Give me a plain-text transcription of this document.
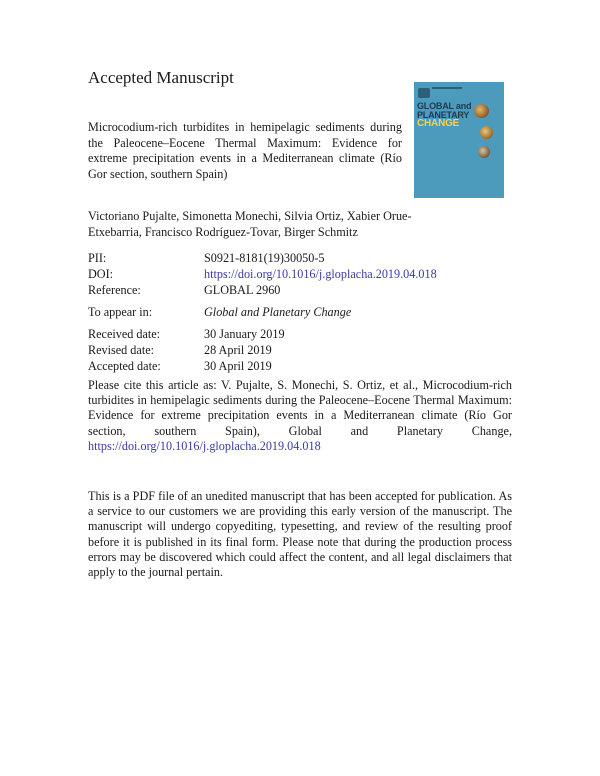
Accepted Manuscript
Microcodium-rich turbidites in hemipelagic sediments during the Paleocene–Eocene Thermal Maximum: Evidence for extreme precipitation events in a Mediterranean climate (Río Gor section, southern Spain)
GLOBAL and
PLANETARY
CHANGE
Victoriano Pujalte, Simonetta Monechi, Silvia Ortiz, Xabier Orue-Etxebarria, Francisco Rodríguez-Tovar, Birger Schmitz
PII:	S0921-8181(19)30050-5
DOI:	https://doi.org/10.1016/j.gloplacha.2019.04.018
Reference:	GLOBAL 2960
To appear in:	Global and Planetary Change
Received date:	30 January 2019
Revised date:	28 April 2019
Accepted date:	30 April 2019
Please cite this article as: V. Pujalte, S. Monechi, S. Ortiz, et al., Microcodium-rich turbidites in hemipelagic sediments during the Paleocene–Eocene Thermal Maximum: Evidence for extreme precipitation events in a Mediterranean climate (Río Gor section, southern Spain), Global and Planetary Change, https://doi.org/10.1016/j.gloplacha.2019.04.018
This is a PDF file of an unedited manuscript that has been accepted for publication. As a service to our customers we are providing this early version of the manuscript. The manuscript will undergo copyediting, typesetting, and review of the resulting proof before it is published in its final form. Please note that during the production process errors may be discovered which could affect the content, and all legal disclaimers that apply to the journal pertain.
